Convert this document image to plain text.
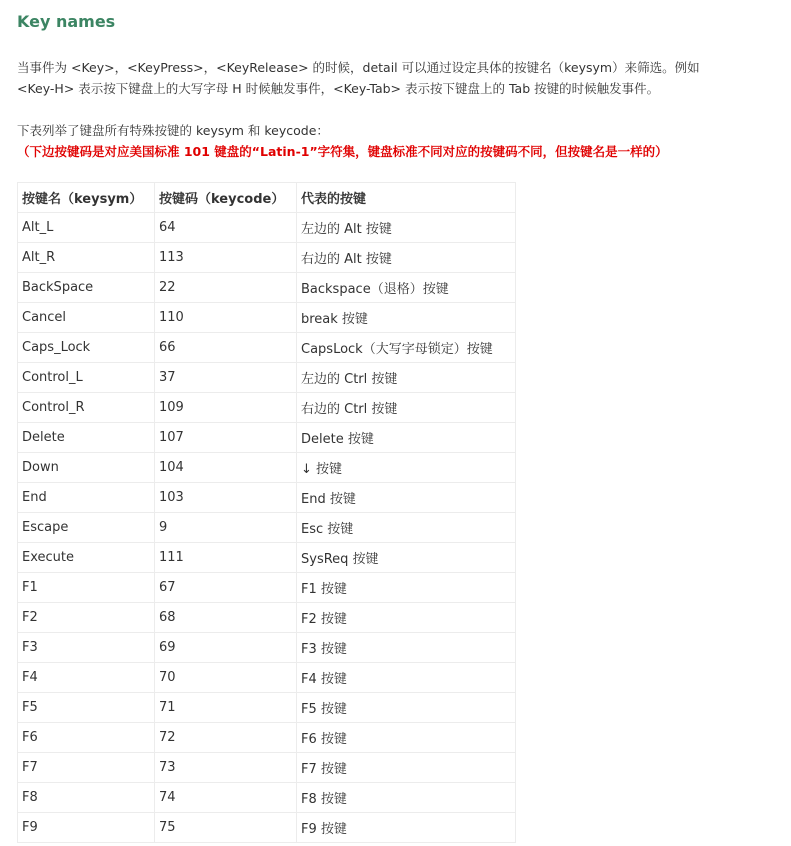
Key names
当事件为 <Key>，<KeyPress>，<KeyRelease> 的时候，detail 可以通过设定具体的按键名（keysym）来筛选。例如
<Key-H> 表示按下键盘上的大写字母 H 时候触发事件，<Key-Tab> 表示按下键盘上的 Tab 按键的时候触发事件。
下表列举了键盘所有特殊按键的 keysym 和 keycode：
（下边按键码是对应美国标准 101 键盘的“Latin-1”字符集，键盘标准不同对应的按键码不同，但按键名是一样的）
按键名（keysym）	按键码（keycode）	代表的按键
Alt_L	64	左边的 Alt 按键
Alt_R	113	右边的 Alt 按键
BackSpace	22	Backspace（退格）按键
Cancel	110	break 按键
Caps_Lock	66	CapsLock（大写字母锁定）按键
Control_L	37	左边的 Ctrl 按键
Control_R	109	右边的 Ctrl 按键
Delete	107	Delete 按键
Down	104	↓ 按键
End	103	End 按键
Escape	9	Esc 按键
Execute	111	SysReq 按键
F1	67	F1 按键
F2	68	F2 按键
F3	69	F3 按键
F4	70	F4 按键
F5	71	F5 按键
F6	72	F6 按键
F7	73	F7 按键
F8	74	F8 按键
F9	75	F9 按键
